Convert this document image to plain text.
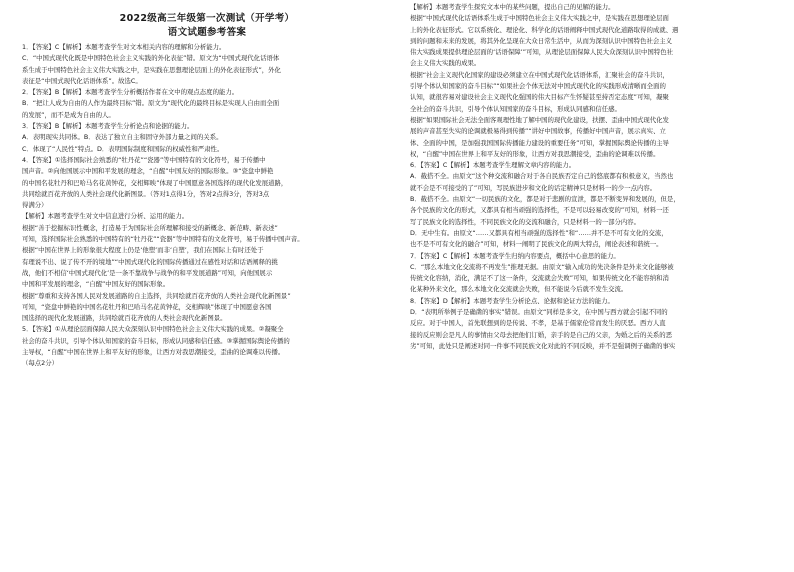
2022级高三年级第一次测试（开学考）
语文试题参考答案
1．【答案】C【解析】本题考查学生对文本相关内容的理解和分析能力。
C．“中国式现代化既是中国特色社会主义实践的外化表征”错。原文为“中国式现代化话语体
系生成于中国特色社会主义伟大实践之中，是实践在思想理论层面上的外化表征形式”，外化
表征是“中国式现代化话语体系”。故选C。
2．【答案】B【解析】本题考查学生分析概括作者在文中的观点态度的能力。
B．“把让人成为自由的人作为最终目标”错。原文为“现代化的最终目标是实现人自由而全面
的发展”，而不是成为自由的人。
3．【答案】B【解析】本题考查学生分析论点和论据的能力。
A．表明现实共同体。B．表达了独立自主和固守外部力量之间的关系。
C．体现了“人民性”特点。D．表明国际制度和国际的权威性和严肃性。
4．【答案】①选择国际社会熟悉的“牡丹花”“瓷器”等中国特有的文化符号，易于传播中
国声音。②向他国展示中国和平发展的理念，“自醒”中国友好的国际形象。③“瓷盘中鲜艳
的中国名花牡丹和巴哈马名花黄钟花，交相辉映”体现了中国愿意各国选择的现代化发展道路，
共同绘就百花齐放的人类社会现代化新图景。（答对1点得1分，答对2点得3分，答对3点
得满分）
【解析】本题考查学生对文中信息进行分析、运用的能力。
根据“善于挖掘标识性概念，打造易于为国际社会所理解和接受的新概念、新范畴、新表述”
可知，选择国际社会熟悉的中国特有的“牡丹花”“瓷器”等中国特有的文化符号，易于传播中国声音。
根据“中国在世界上的形象很大程度上仍是‘他塑’而非‘自塑’，我们在国际上有时还处于
有理说不出、说了传不开的境地”“中国式现代化的国际传播通过在感性对话和话语阐释的挑
战，他们不相信‘中国式现代化’是一条不靠战争与战争的和平发展道路”可知，向他国展示
中国和平发展的理念，“自醒”中国友好的国际形象。
根据“尊重和支持各国人民对发展道路的自主选择，共同绘就百花齐放的人类社会现代化新图景”
可知，“瓷盘中鲜艳的中国名花牡丹和巴哈马名花黄钟花，交相辉映”体现了中国愿意各国
国选择的现代化发展道路，共同绘就百花齐放的人类社会现代化新图景。
5．【答案】①从理论层面保障人民大众深刻认识中国特色社会主义伟大实践的成果。②凝聚全
社会的奋斗共识，引导个体认知国家的奋斗目标，形成认同感和信任感。③掌握国际舆论传播的
主导权，“自醒”中国在世界上和平友好的形象，让西方对我思潮接受，歪曲的论调难以传播。
（每点2分）
【解析】本题考查学生探究文本中的某些问题，提出自己的见解的能力。
根据“中国式现代化话语体系生成于中国特色社会主义伟大实践之中，是实践在思想理论层面
上的外化表征形式。它以系统化、理论化、科学化的话语阐释中国式现代化道路取得的成就、遇
到的问题和未来的发展，将其外化呈现在大众日常生活中，从而为深刻认识中国特色社会主义
伟大实践成果提供理论层面的‘话语保障’”可知，从理论层面保障人民大众深刻认识中国特色社
会主义伟大实践的成果。
根据“社会主义现代化国家的建设必须建立在中国式现代化话语体系，汇聚社会的奋斗共识，
引导个体认知国家的奋斗目标”“如果社会个体无法对中国式现代化的实践形成清晰而全面的
认知，就很容易对建设社会主义现代化强国的伟大目标产生怀疑甚至持否定态度”可知，凝聚
全社会的奋斗共识，引导个体认知国家的奋斗目标，形成认同感和信任感。
根据“如果国际社会无法全面客观理性地了解中国的现代化建设，扶摆、歪曲中国式现代化发
展的声音甚至失实的论调就极易得到传播”“讲好中国故事，传播好中国声音，展示真实、立
体、全面的中国，是加强我国国际传播能力建设的重要任务”可知，掌握国际舆论传播的主导
权，“自醒”中国在世界上和平友好的形象，让西方对我思潮接受，歪曲的论调难以传播。
6．【答案】C【解析】本题考查学生理解文章内容的能力。
A．截搭不全。由原文“这个种交流和融合对于各自民族否定自己的悠底都有积极意义，当然也
就不会是不可接受的了”可知，写民族进步和文化的话定精神只是材料一的少一点内容。
B．截搭不全。由原文“一切民族的文化，都是对于悲剧的宣泄，都是不断变异和发展的，但是，
各个民族的文化的形式，又都具有相当顽强的选择性，不是可以轻易改变的”可知，材料一还
写了民族文化的选择性，不同民族文化的交流和融合，只是材料一的一部分内容。
D．无中生有。由原文“……又都具有相当顽强的选择性”和“……并不是不可有文化的交流，
也不是不可有文化的融合”可知，材料一阐明了民族文化的两大特点，阐论表述和谐统一。
7．【答案】C【解析】本题考查学生归纳内容要点，概括中心意思的能力。
C．“那么本地文化交流将不再发生”推理无据。由原文“输入成功的先决条件是外来文化能够被
传统文化容纳，消化，满足不了这一条件，交流就会失败”可知，如果传统文化不能容纳和消
化某种外来文化，那么本地文化交流就会失败，但不能说今后就不发生交流。
8．【答案】D【解析】本题考查学生分析论点、论据和论证方法的能力。
D．“表明所举例子是确凿的事实”错误。由原文“同样是多文，在中国与西方就会引起不同的
反应。对于中国人，首先联想到的是传说、不孝，是基于儒家伦常而发生的厌恶。西方人直
接的反应则会是凡人的事情由父母去把他们订婚，亲手的是自己的父亲，为婚之后的关系的恶
劣”可知，此处只是阐述对同一件事不同民族文化对此的不同反映，并不是强调例子确凿的事实
